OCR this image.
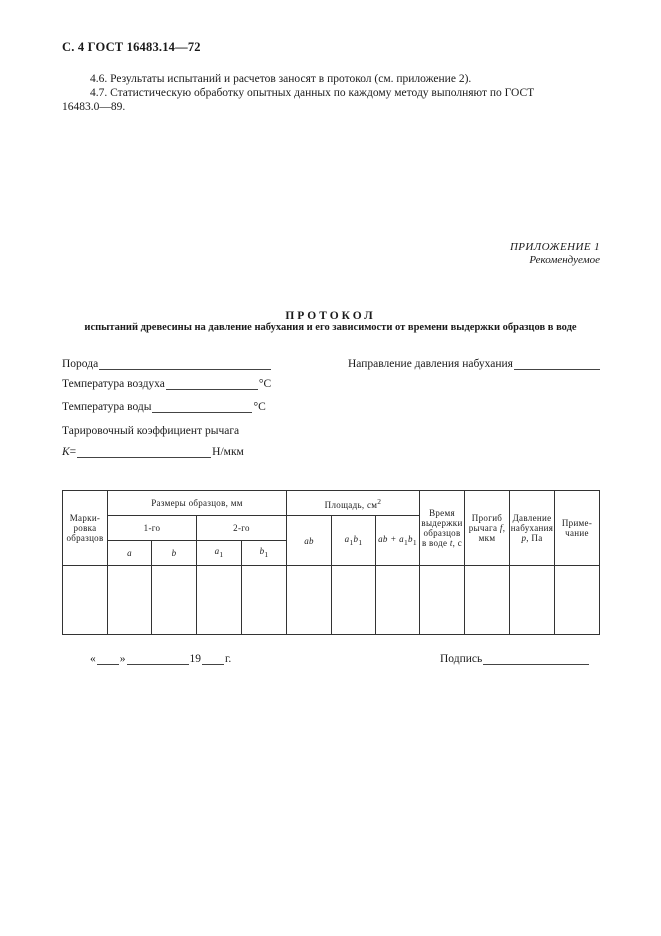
С. 4 ГОСТ 16483.14—72
4.6. Результаты испытаний и расчетов заносят в протокол (см. приложение 2).
4.7. Статистическую обработку опытных данных по каждому методу выполняют по ГОСТ
16483.0—89.
ПРИЛОЖЕНИЕ 1
Рекомендуемое
ПРОТОКОЛ
испытаний древесины на давление набухания и его зависимости от времени выдержки образцов в воде
Порода	Направление давления набухания
Температура воздуха	°C
Температура воды	°C
Тарировочный коэффициент рычага
K =	Н/мкм
Марки-ровка образцов	Размеры образцов, мм				Площадь, $см^2$			Время выдержки образцов в воде t, с	Прогиб рычага f, мкм	Давление набухания p, Па	Приме-чание
	1-го		2-го		ab	$a_1b_1$	ab + $a_1b_1$
	a	b	$a_1$	$b_1$

« »	19 г.	Подпись
